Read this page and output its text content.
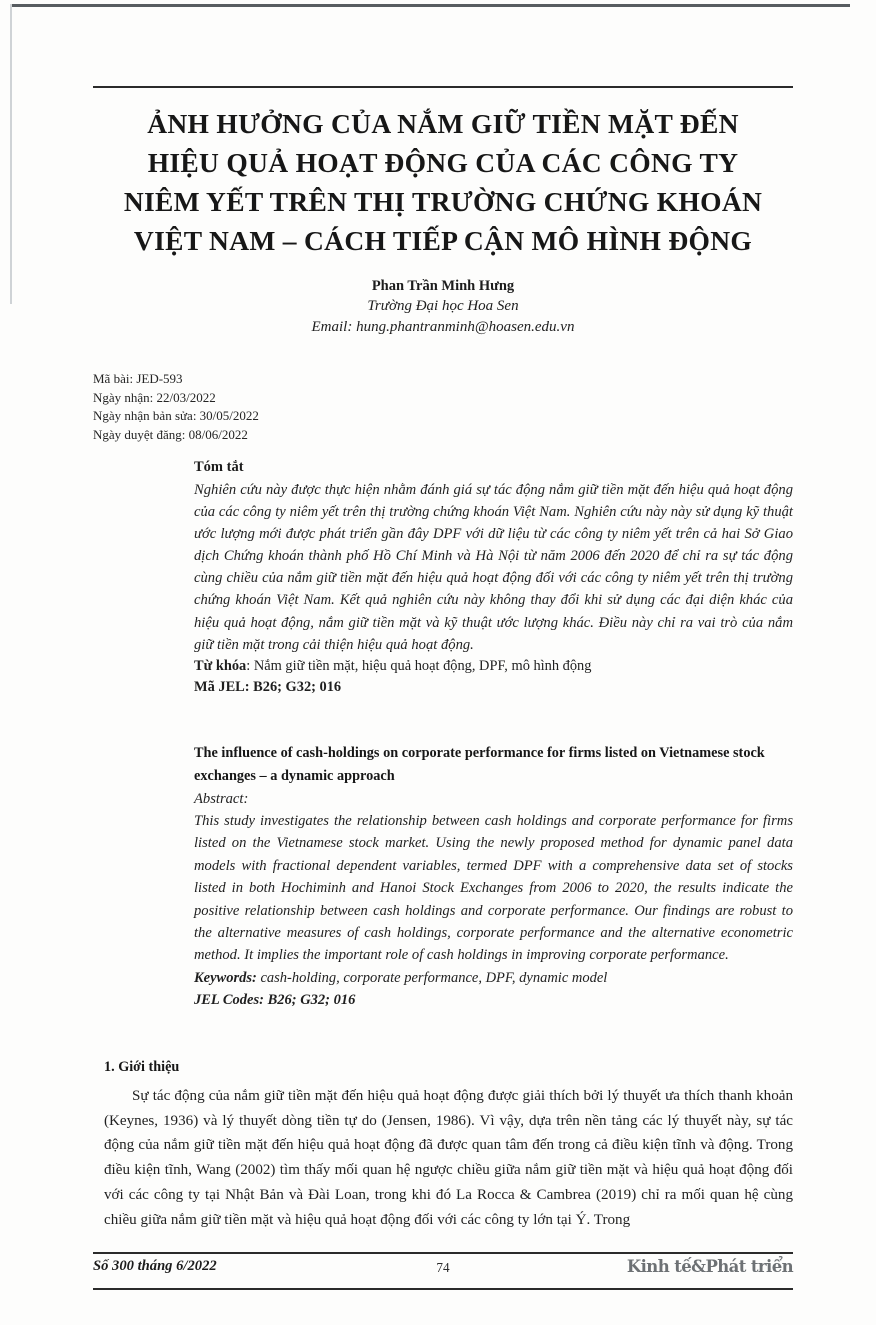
ẢNH HƯỞNG CỦA NẮM GIỮ TIỀN MẶT ĐẾN
HIỆU QUẢ HOẠT ĐỘNG CỦA CÁC CÔNG TY
NIÊM YẾT TRÊN THỊ TRƯỜNG CHỨNG KHOÁN
VIỆT NAM – CÁCH TIẾP CẬN MÔ HÌNH ĐỘNG
Phan Trần Minh Hưng
Trường Đại học Hoa Sen
Email: hung.phantranminh@hoasen.edu.vn
Mã bài: JED-593
Ngày nhận: 22/03/2022
Ngày nhận bản sửa: 30/05/2022
Ngày duyệt đăng: 08/06/2022
Tóm tắt
Nghiên cứu này được thực hiện nhằm đánh giá sự tác động nắm giữ tiền mặt đến hiệu quả hoạt động của các công ty niêm yết trên thị trường chứng khoán Việt Nam. Nghiên cứu này này sử dụng kỹ thuật ước lượng mới được phát triển gần đây DPF với dữ liệu từ các công ty niêm yết trên cả hai Sở Giao dịch Chứng khoán thành phố Hồ Chí Minh và Hà Nội từ năm 2006 đến 2020 để chỉ ra sự tác động cùng chiều của nắm giữ tiền mặt đến hiệu quả hoạt động đối với các công ty niêm yết trên thị trường chứng khoán Việt Nam. Kết quả nghiên cứu này không thay đổi khi sử dụng các đại diện khác của hiệu quả hoạt động, nắm giữ tiền mặt và kỹ thuật ước lượng khác. Điều này chỉ ra vai trò của nắm giữ tiền mặt trong cải thiện hiệu quả hoạt động.
Từ khóa: Nắm giữ tiền mặt, hiệu quả hoạt động, DPF, mô hình động
Mã JEL: B26; G32; 016
The influence of cash-holdings on corporate performance for firms listed on Vietnamese stock exchanges – a dynamic approach
Abstract:
This study investigates the relationship between cash holdings and corporate performance for firms listed on the Vietnamese stock market. Using the newly proposed method for dynamic panel data models with fractional dependent variables, termed DPF with a comprehensive data set of stocks listed in both Hochiminh and Hanoi Stock Exchanges from 2006 to 2020, the results indicate the positive relationship between cash holdings and corporate performance. Our findings are robust to the alternative measures of cash holdings, corporate performance and the alternative econometric method. It implies the important role of cash holdings in improving corporate performance.
Keywords: cash-holding, corporate performance, DPF, dynamic model
JEL Codes: B26; G32; 016
1. Giới thiệu
Sự tác động của nắm giữ tiền mặt đến hiệu quả hoạt động được giải thích bởi lý thuyết ưa thích thanh khoản (Keynes, 1936) và lý thuyết dòng tiền tự do (Jensen, 1986). Vì vậy, dựa trên nền tảng các lý thuyết này, sự tác động của nắm giữ tiền mặt đến hiệu quả hoạt động đã được quan tâm đến trong cả điều kiện tĩnh và động. Trong điều kiện tĩnh, Wang (2002) tìm thấy mối quan hệ ngược chiều giữa nắm giữ tiền mặt và hiệu quả hoạt động đối với các công ty tại Nhật Bản và Đài Loan, trong khi đó La Rocca & Cambrea (2019) chỉ ra mối quan hệ cùng chiều giữa nắm giữ tiền mặt và hiệu quả hoạt động đối với các công ty lớn tại Ý. Trong
Số 300 tháng 6/2022	74	Kinh tế&Phát triển
